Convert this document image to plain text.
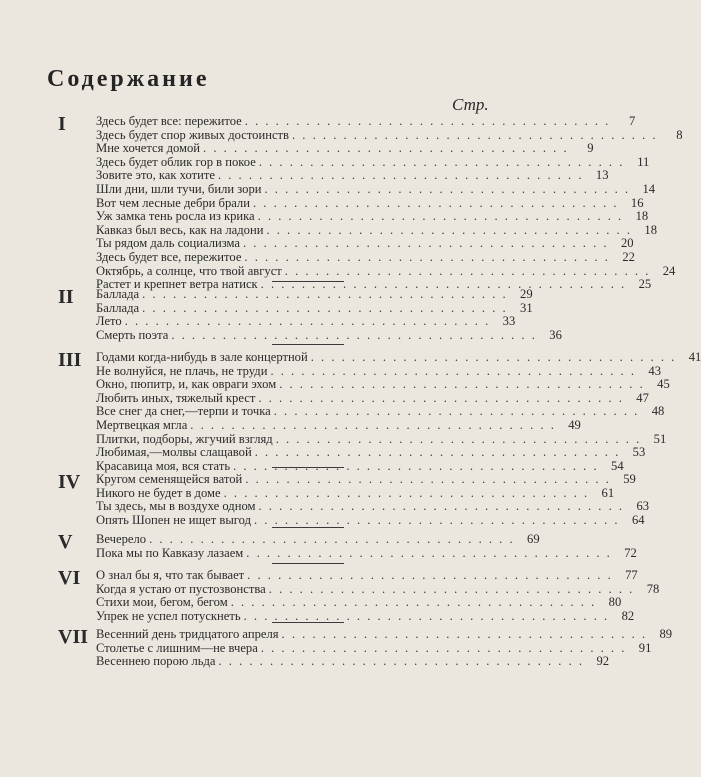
Содержание
Стр.
I Здесь будет все: пережитое . . . . . . . . . . . . . . . . . . . . . . . . . . . . . . . . . . . .	7
Здесь будет спор живых достоинств . . . . . . . . . . . . . . . . . . . . . . . . . . . . . . . . . . . .	8
Мне хочется домой . . . . . . . . . . . . . . . . . . . . . . . . . . . . . . . . . . . .	9
Здесь будет облик гор в покое . . . . . . . . . . . . . . . . . . . . . . . . . . . . . . . . . . . .	11
Зовите это, как хотите . . . . . . . . . . . . . . . . . . . . . . . . . . . . . . . . . . . . 13
Шли дни, шли тучи, били зори . . . . . . . . . . . . . . . . . . . . . . . . . . . . . . . . . . . . 14
Вот чем лесные дебри брали . . . . . . . . . . . . . . . . . . . . . . . . . . . . . . . . . . . . 16
Уж замка тень росла из крика . . . . . . . . . . . . . . . . . . . . . . . . . . . . . . . . . . . . 18
Кавказ был весь, как на ладони . . . . . . . . . . . . . . . . . . . . . . . . . . . . . . . . . . . . 18
Ты рядом даль социализма . . . . . . . . . . . . . . . . . . . . . . . . . . . . . . . . . . . . 20
Здесь будет все, пережитое . . . . . . . . . . . . . . . . . . . . . . . . . . . . . . . . . . . . 22
Октябрь, а солнце, что твой август . . . . . . . . . . . . . . . . . . . . . . . . . . . . . . . . . . . . 24
Растет и крепнет ветра натиск . . . . . . . . . . . . . . . . . . . . . . . . . . . . . . . . . . . . 25
II Баллада . . . . . . . . . . . . . . . . . . . . . . . . . . . . . . . . . . . . 29
Баллада . . . . . . . . . . . . . . . . . . . . . . . . . . . . . . . . . . . . 31
Лето . . . . . . . . . . . . . . . . . . . . . . . . . . . . . . . . . . . . 33
Смерть поэта . . . . . . . . . . . . . . . . . . . . . . . . . . . . . . . . . . . . 36
III Годами когда-нибудь в зале концертной . . . . . . . . . . . . . . . . . . . . . . . . . . . . . . . . . . . . 41
Не волнуйся, не плачь, не труди . . . . . . . . . . . . . . . . . . . . . . . . . . . . . . . . . . . . 43
Окно, пюпитр, и, как овраги эхом . . . . . . . . . . . . . . . . . . . . . . . . . . . . . . . . . . . . 45
Любить иных, тяжелый крест . . . . . . . . . . . . . . . . . . . . . . . . . . . . . . . . . . . . 47
Все снег да снег,—терпи и точка . . . . . . . . . . . . . . . . . . . . . . . . . . . . . . . . . . . . 48
Мертвецкая мгла . . . . . . . . . . . . . . . . . . . . . . . . . . . . . . . . . . . . 49
Плитки, подборы, жгучий взгляд . . . . . . . . . . . . . . . . . . . . . . . . . . . . . . . . . . . . 51
Любимая,—молвы слащавой . . . . . . . . . . . . . . . . . . . . . . . . . . . . . . . . . . . . 53
Красавица моя, вся стать . . . . . . . . . . . . . . . . . . . . . . . . . . . . . . . . . . . . 54
IV Кругом семенящейся ватой . . . . . . . . . . . . . . . . . . . . . . . . . . . . . . . . . . . . 59
Никого не будет в доме . . . . . . . . . . . . . . . . . . . . . . . . . . . . . . . . . . . . 61
Ты здесь, мы в воздухе одном . . . . . . . . . . . . . . . . . . . . . . . . . . . . . . . . . . . . 63
Опять Шопен не ищет выгод . . . . . . . . . . . . . . . . . . . . . . . . . . . . . . . . . . . . 64
V Вечерело . . . . . . . . . . . . . . . . . . . . . . . . . . . . . . . . . . . . 69
Пока мы по Кавказу лазаем . . . . . . . . . . . . . . . . . . . . . . . . . . . . . . . . . . . . 72
VI О знал бы я, что так бывает . . . . . . . . . . . . . . . . . . . . . . . . . . . . . . . . . . . . 77
Когда я устаю от пустозвонства . . . . . . . . . . . . . . . . . . . . . . . . . . . . . . . . . . . . 78
Стихи мои, бегом, бегом . . . . . . . . . . . . . . . . . . . . . . . . . . . . . . . . . . . . 80
Упрек не успел потускнеть . . . . . . . . . . . . . . . . . . . . . . . . . . . . . . . . . . . . 82
VII Весенний день тридцатого апреля . . . . . . . . . . . . . . . . . . . . . . . . . . . . . . . . . . . . 89
Столетье с лишним—не вчера . . . . . . . . . . . . . . . . . . . . . . . . . . . . . . . . . . . . 91
Весеннею порою льда . . . . . . . . . . . . . . . . . . . . . . . . . . . . . . . . . . . . 92
